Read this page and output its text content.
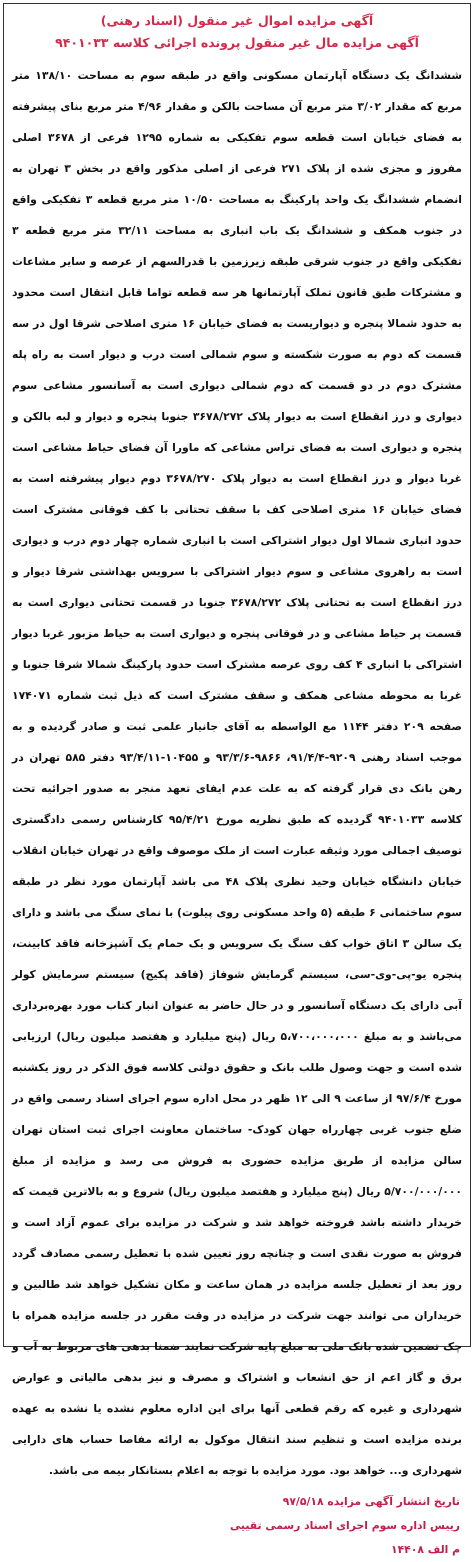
آگهی مزایده اموال غیر منقول (اسناد رهنی)

آگهی مزایده مال غیر منقول پرونده اجرائی کلاسه ۹۴۰۱۰۳۳

ششدانگ یک دستگاه آپارتمان مسکونی واقع در طبقه سوم به مساحت ۱۳۸/۱۰ متر مربع که مقدار ۳/۰۲ متر مربع آن مساحت بالکن و مقدار ۴/۹۶ متر مربع بنای پیشرفته به فضای خیابان است قطعه سوم تفکیکی به شماره ۱۲۹۵ فرعی از ۳۶۷۸ اصلی مفروز و مجزی شده از پلاک ۲۷۱ فرعی از اصلی مذکور واقع در بخش ۳ تهران به انضمام ششدانگ یک واحد پارکینگ به مساحت ۱۰/۵۰ متر مربع قطعه ۳ تفکیکی واقع در جنوب همکف و ششدانگ یک باب انباری به مساحت ۳۲/۱۱ متر مربع قطعه ۳ تفکیکی واقع در جنوب شرقی طبقه زیرزمین با قدرالسهم از عرصه و سایر مشاعات و مشترکات طبق قانون تملک آپارتمانها هر سه قطعه تواما قابل انتقال است محدود به حدود شمالا پنجره و دیواریست به فضای خیابان ۱۶ متری اصلاحی شرقا اول در سه قسمت که دوم به صورت شکسته و سوم شمالی است درب و دیوار است به راه پله مشترک دوم در دو قسمت که دوم شمالی دیواری است به آسانسور مشاعی سوم دیواری و درز انقطاع است به دیوار پلاک ۳۶۷۸/۲۷۲ جنوبا پنجره و دیوار و لبه بالکن و پنجره و دیواری است به فضای تراس مشاعی که ماورا آن فضای حیاط مشاعی است غربا دیوار و درز انقطاع است به دیوار پلاک ۳۶۷۸/۲۷۰ دوم دیوار پیشرفته است به فضای خیابان ۱۶ متری اصلاحی کف با سقف تحتانی با کف فوقانی مشترک است حدود انباری شمالا اول دیوار اشتراکی است با انباری شماره چهار دوم درب و دیواری است به راهروی مشاعی و سوم دیوار اشتراکی با سرویس بهداشتی شرقا دیوار و درز انقطاع است به تحتانی پلاک ۳۶۷۸/۲۷۲ جنوبا در قسمت تحتانی دیواری است به قسمت پر حیاط مشاعی و در فوقانی پنجره و دیواری است به حیاط مزبور غربا دیوار اشتراکی با انباری ۴ کف روی عرصه مشترک است حدود پارکینگ شمالا شرقا جنوبا و غربا به محوطه مشاعی همکف و سقف مشترک است که ذیل ثبت شماره ۱۷۴۰۷۱ صفحه ۲۰۹ دفتر ۱۱۴۴ مع الواسطه به آقای جانیار علمی ثبت و صادر گردیده و به موجب اسناد رهنی ۹۲۰۹-۹۱/۴/۴، ۹۸۶۶-۹۳/۳/۶ و ۱۰۴۵۵-۹۳/۴/۱۱ دفتر ۵۸۵ تهران در رهن بانک دی قرار گرفته که به علت عدم ایفای تعهد منجر به صدور اجرائیه تحت کلاسه ۹۴۰۱۰۳۳ گردیده که طبق نظریه مورخ ۹۵/۴/۲۱ کارشناس رسمی دادگستری توصیف اجمالی مورد وثیقه عبارت است از ملک موصوف واقع در تهران خیابان انقلاب خیابان دانشگاه خیابان وحید نظری پلاک ۴۸ می باشد آپارتمان مورد نظر در طبقه سوم ساختمانی ۶ طبقه (۵ واحد مسکونی روی پیلوت) با نمای سنگ می باشد و دارای یک سالن ۳ اتاق خواب کف سنگ یک سرویس و یک حمام یک آشپزخانه فاقد کابینت، پنجره یو-پی-وی-سی، سیستم گرمایش شوفاژ (فاقد پکیج) سیستم سرمایش کولر آبی دارای یک دستگاه آسانسور و در حال حاضر به عنوان انبار کتاب مورد بهره‌برداری می‌باشد و به مبلغ ۵،۷۰۰،۰۰۰،۰۰۰ ریال (پنج میلیارد و هفتصد میلیون ریال) ارزیابی شده است و جهت وصول طلب بانک و حقوق دولتی کلاسه فوق الذکر در روز یکشنبه مورخ ۹۷/۶/۴ از ساعت ۹ الی ۱۲ ظهر در محل اداره سوم اجرای اسناد رسمی واقع در ضلع جنوب غربی چهارراه جهان کودک- ساختمان معاونت اجرای ثبت استان تهران سالن مزایده از طریق مزایده حضوری به فروش می رسد و مزایده از مبلغ ۵/۷۰۰/۰۰۰/۰۰۰ ریال (پنج میلیارد و هفتصد میلیون ریال) شروع و به بالاترین قیمت که خریدار داشته باشد فروخته خواهد شد و شرکت در مزایده برای عموم آزاد است و فروش به صورت نقدی است و چنانچه روز تعیین شده با تعطیل رسمی مصادف گردد روز بعد از تعطیل جلسه مزایده در همان ساعت و مکان تشکیل خواهد شد طالبین و خریداران می توانند جهت شرکت در مزایده در وقت مقرر در جلسه مزایده همراه با چک تضمین شده بانک ملی به مبلغ پایه شرکت نمایند ضمنا بدهی های مربوط به آب و برق و گاز اعم از حق انشعاب و اشتراک و مصرف و نیز بدهی مالیاتی و عوارض شهرداری و غیره که رقم قطعی آنها برای این اداره معلوم نشده یا نشده به عهده برنده مزایده است و تنظیم سند انتقال موکول به ارائه مفاصا حساب های دارایی شهرداری و... خواهد بود. مورد مزایده با توجه به اعلام بستانکار بیمه می باشد.

تاریخ انتشار آگهی مزایده ۹۷/۵/۱۸
رییس اداره سوم اجرای اسناد رسمی تقییی
م الف ۱۴۴۰۸
